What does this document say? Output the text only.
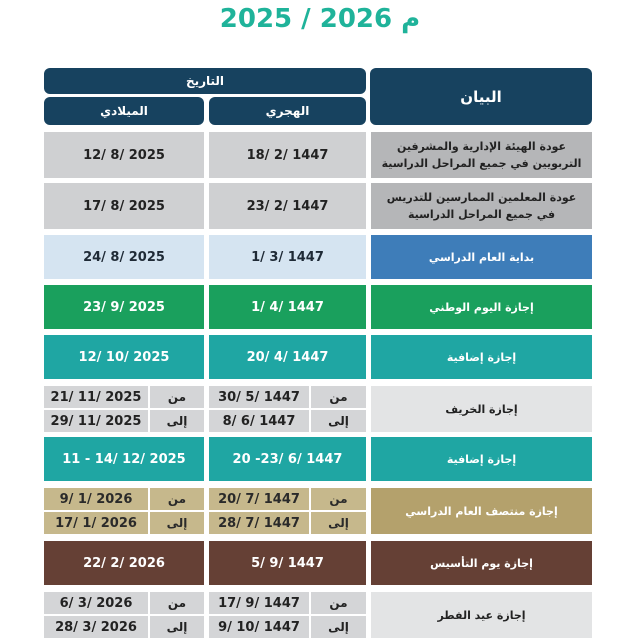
2025 / 2026 م
البيان
التاريخ
الهجري
الميلادي
عودة الهيئة الإدارية والمشرفين التربويين في جميع المراحل الدراسية
18/ 2/ 1447
12/ 8/ 2025
عودة المعلمين الممارسين للتدريس في جميع المراحل الدراسية
23/ 2/ 1447
17/ 8/ 2025
بداية العام الدراسي
1/ 3/ 1447
24/ 8/ 2025
إجازة اليوم الوطني
1/ 4/ 1447
23/ 9/ 2025
إجازة إضافية
20/ 4/ 1447
12/ 10/ 2025
إجازة الخريف
من
30/ 5/ 1447
إلى
8/ 6/ 1447
من
21/ 11/ 2025
إلى
29/ 11/ 2025
إجازة إضافية
20 -23/ 6/ 1447
11 - 14/ 12/ 2025
إجازة منتصف العام الدراسي
من
20/ 7/ 1447
إلى
28/ 7/ 1447
من
9/ 1/ 2026
إلى
17/ 1/ 2026
إجازة يوم التأسيس
5/ 9/ 1447
22/ 2/ 2026
إجازة عيد الفطر
من
17/ 9/ 1447
إلى
9/ 10/ 1447
من
6/ 3/ 2026
إلى
28/ 3/ 2026
